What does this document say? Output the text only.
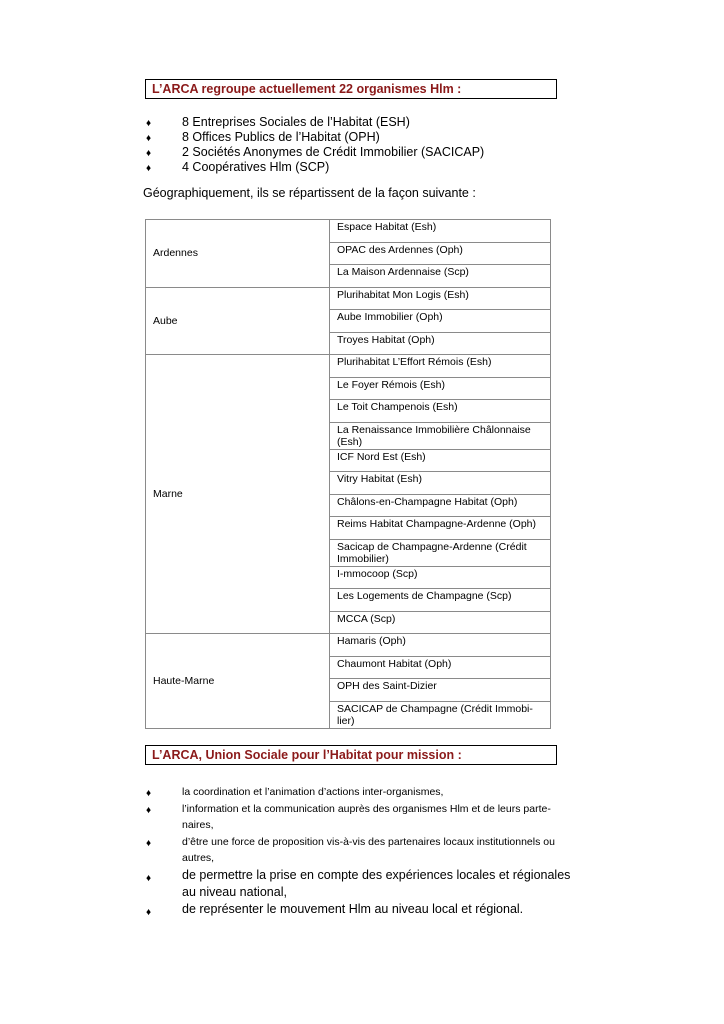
L’ARCA regroupe actuellement 22 organismes Hlm :
♦ 8 Entreprises Sociales de l’Habitat (ESH)
♦ 8 Offices Publics de l’Habitat (OPH)
♦ 2 Sociétés Anonymes de Crédit Immobilier (SACICAP)
♦ 4 Coopératives Hlm (SCP)
Géographiquement, ils se répartissent de la façon suivante :
Ardennes	Espace Habitat (Esh)
	OPAC des Ardennes (Oph)
	La Maison Ardennaise (Scp)
Aube	Plurihabitat Mon Logis (Esh)
	Aube Immobilier (Oph)
	Troyes Habitat (Oph)
Marne	Plurihabitat L’Effort Rémois (Esh)
	Le Foyer Rémois (Esh)
	Le Toit Champenois (Esh)
	La Renaissance Immobilière Châlonnaise (Esh)
	ICF Nord Est (Esh)
	Vitry Habitat (Esh)
	Châlons-en-Champagne Habitat (Oph)
	Reims Habitat Champagne-Ardenne (Oph)
	Sacicap de Champagne-Ardenne (Crédit Immobilier)
	I-mmocoop (Scp)
	Les Logements de Champagne (Scp)
	MCCA (Scp)
Haute-Marne	Hamaris (Oph)
	Chaumont Habitat (Oph)
	OPH des Saint-Dizier
	SACICAP de Champagne (Crédit Immobi-lier)
L’ARCA, Union Sociale pour l’Habitat pour mission :
♦	la coordination et l’animation d’actions inter-organismes,
♦	l’information et la communication auprès des organismes Hlm et de leurs parte-naires,
♦	d’être une force de proposition vis-à-vis des partenaires locaux institutionnels ou autres,
♦ de permettre la prise en compte des expériences locales et régionales au niveau national,
♦ de représenter le mouvement Hlm au niveau local et régional.
